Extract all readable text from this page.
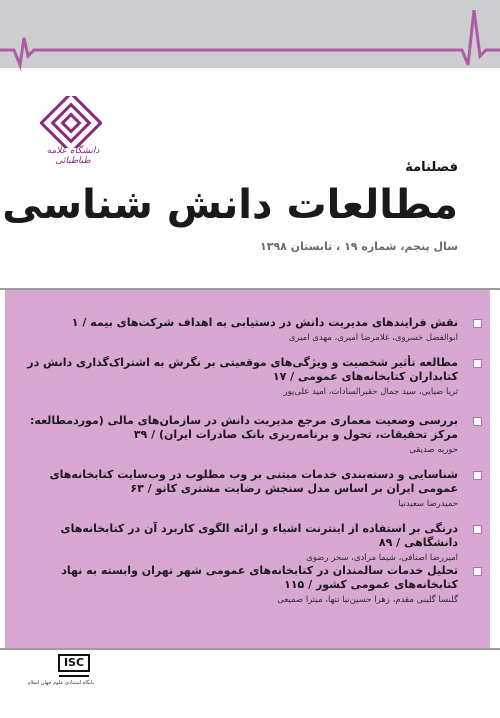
دانشگاه علامه طباطبائی	فصلنامهٔ
مطالعات دانش شناسی
سال پنجم، شماره ۱۹ ، تابستان ۱۳۹۸
نقش فرایندهای مدیریت دانش در دستیابی به اهداف شرکت‌های بیمه / ۱
ابوالفضل خسروی، غلامرضا امیری، مهدی امیری
مطالعه تأثیر شخصیت و ویژگی‌های موقعیتی بر نگرش به اشتراک‌گذاری دانش در کتابداران کتابخانه‌های عمومی / ۱۷
ثریا ضیایی، سید جمال حقیرالسادات، امید علی‌پور
بررسی وضعیت معماری مرجع مدیریت دانش در سازمان‌های مالی (موردمطالعه: مرکز تحقیقات، تحول و برنامه‌ریزی بانک صادرات ایران) / ۳۹
حوریه صدیقی
شناسایی و دسته‌بندی خدمات مبتنی بر وب مطلوب در وب‌سایت کتابخانه‌های عمومی ایران بر اساس مدل سنجش رضایت مشتری کانو / ۶۳
حمیدرضا سعیدنیا
درنگی بر استفاده از اینترنت اشیاء و ارائه الگوی کاربرد آن در کتابخانه‌های دانشگاهی / ۸۹
امیررضا اصنافی، شیما مرادی، سحر رضوی
تحلیل خدمات سالمندان در کتابخانه‌های عمومی شهر تهران وابسته به نهاد کتابخانه‌های عمومی کشور / ۱۱۵
گلنسا گلینی مقدم، زهرا حسین‌نیا تنها، میترا صمیعی
ISC
پایگاه استنادی علوم جهان اسلام
